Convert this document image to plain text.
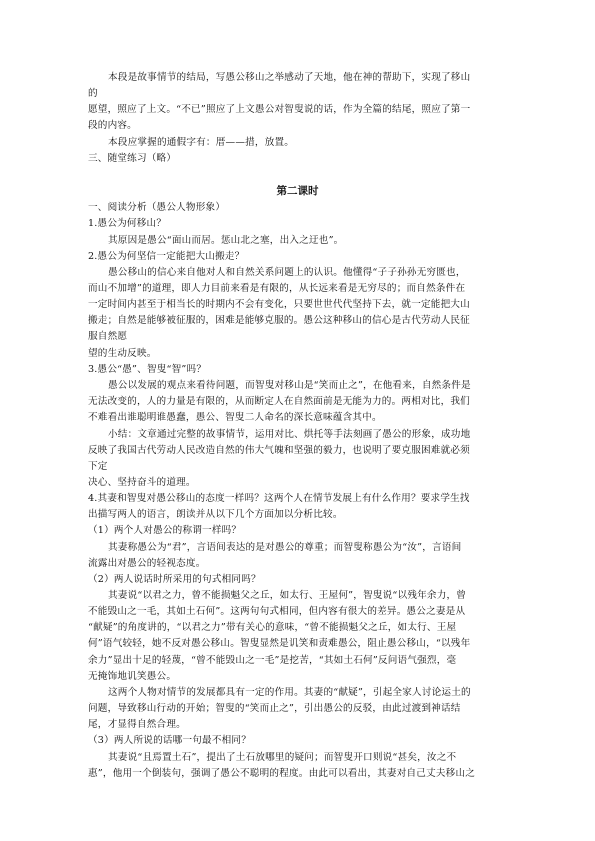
第二课时
本段是故事情节的结局，写愚公移山之举感动了天地，他在神的帮助下，实现了移山
的
愿望，照应了上文。“不已”照应了上文愚公对智叟说的话，作为全篇的结尾，照应了第一
段的内容。
本段应掌握的通假字有：厝——措，放置。
三、随堂练习（略）
一、阅读分析（愚公人物形象）
1.愚公为何移山？
其原因是愚公“面山而居。惩山北之塞，出入之迂也”。
2.愚公为何坚信一定能把大山搬走？
愚公移山的信心来自他对人和自然关系问题上的认识。他懂得“子子孙孙无穷匮也，
而山不加增”的道理，即人力目前来看是有限的，从长远来看是无穷尽的；而自然条件在
一定时间内甚至于相当长的时期内不会有变化，只要世世代代坚持下去，就一定能把大山
搬走；自然是能够被征服的，困难是能够克服的。愚公这种移山的信心是古代劳动人民征
服自然愿
望的生动反映。
3.愚公“愚”、智叟“智”吗？
愚公以发展的观点来看待问题，而智叟对移山是“笑而止之”，在他看来，自然条件是
无法改变的，人的力量是有限的，从而断定人在自然面前是无能为力的。两相对比，我们
不难看出谁聪明谁愚蠢，愚公、智叟二人命名的深长意味蕴含其中。
小结：文章通过完整的故事情节，运用对比、烘托等手法刻画了愚公的形象，成功地
反映了我国古代劳动人民改造自然的伟大气魄和坚强的毅力，也说明了要克服困难就必须
下定
决心、坚持奋斗的道理。
4.其妻和智叟对愚公移山的态度一样吗？这两个人在情节发展上有什么作用？要求学生找
出描写两人的语言，朗读并从以下几个方面加以分析比较。
（1）两个人对愚公的称谓一样吗？
其妻称愚公为“君”，言语间表达的是对愚公的尊重；而智叟称愚公为“汝”，言语间
流露出对愚公的轻视态度。
（2）两人说话时所采用的句式相同吗？
其妻说“以君之力，曾不能损魁父之丘，如太行、王屋何”，智叟说“以残年余力，曾
不能毁山之一毛，其如土石何”。这两句句式相同，但内容有很大的差异。愚公之妻是从
“献疑”的角度讲的，“以君之力”带有关心的意味，“曾不能损魁父之丘，如太行、王屋
何”语气较轻，她不反对愚公移山。智叟显然是讥笑和责难愚公，阻止愚公移山，“以残年
余力”显出十足的轻蔑，“曾不能毁山之一毛”是挖苦，“其如土石何”反问语气强烈，毫
无掩饰地讥笑愚公。
这两个人物对情节的发展都具有一定的作用。其妻的“献疑”，引起全家人讨论运土的
问题，导致移山行动的开始；智叟的“笑而止之”，引出愚公的反驳，由此过渡到神话结
尾，才显得自然合理。
（3）两人所说的话哪一句最不相同？
其妻说“且焉置土石”，提出了土石放哪里的疑问；而智叟开口则说“甚矣，汝之不
惠”，他用一个倒装句，强调了愚公不聪明的程度。由此可以看出，其妻对自己丈夫移山之
